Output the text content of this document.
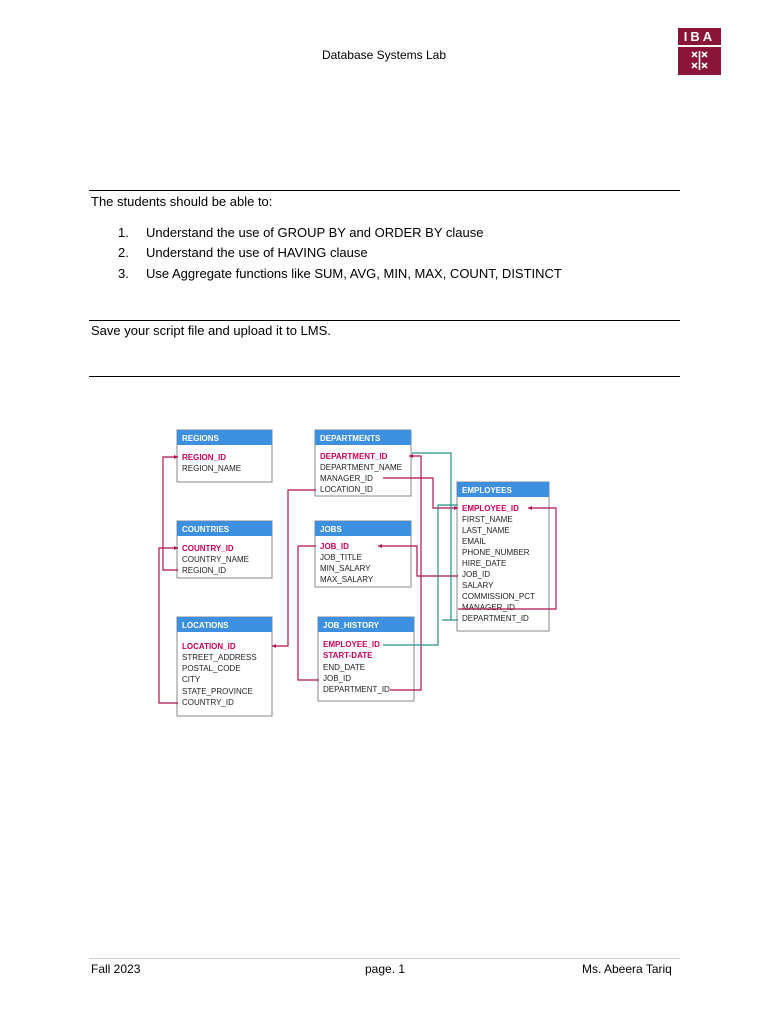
Database Systems Lab
IBA
The students should be able to:
1. Understand the use of GROUP BY and ORDER BY clause
2. Understand the use of HAVING clause
3. Use Aggregate functions like SUM, AVG, MIN, MAX, COUNT, DISTINCT
Save your script file and upload it to LMS.
REGIONS
REGION_ID
REGION_NAME
COUNTRIES
COUNTRY_ID
COUNTRY_NAME
REGION_ID
LOCATIONS
LOCATION_ID
STREET_ADDRESS
POSTAL_CODE
CITY
STATE_PROVINCE
COUNTRY_ID
DEPARTMENTS
DEPARTMENT_ID
DEPARTMENT_NAME
MANAGER_ID
LOCATION_ID
JOBS
JOB_ID
JOB_TITLE
MIN_SALARY
MAX_SALARY
JOB_HISTORY
EMPLOYEE_ID
START-DATE
END_DATE
JOB_ID
DEPARTMENT_ID
EMPLOYEES
EMPLOYEE_ID
FIRST_NAME
LAST_NAME
EMAIL
PHONE_NUMBER
HIRE_DATE
JOB_ID
SALARY
COMMISSION_PCT
MANAGER_ID
DEPARTMENT_ID
Fall 2023	page. 1	Ms. Abeera Tariq
